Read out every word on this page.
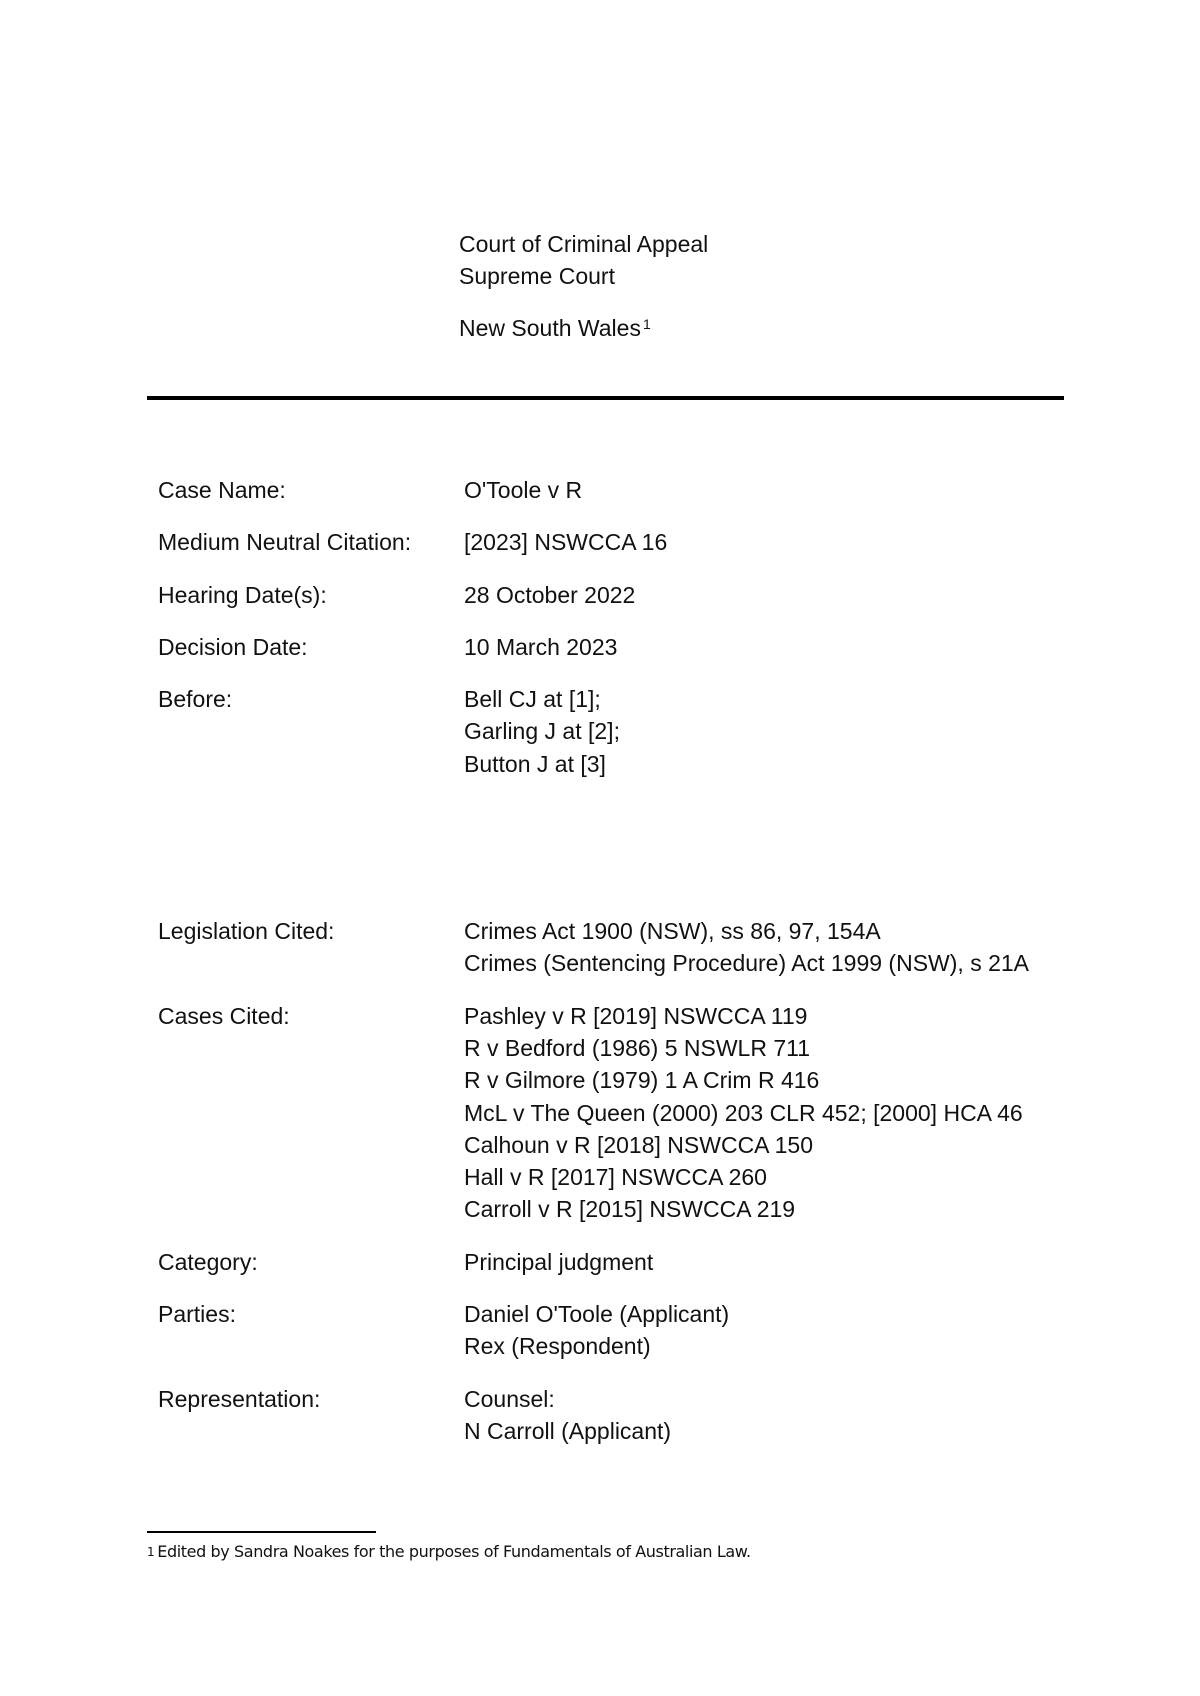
Court of Criminal Appeal
Supreme Court
New South Wales $^1$
Case Name:	O'Toole v R
Medium Neutral Citation:	[2023] NSWCCA 16
Hearing Date(s):	28 October 2022
Decision Date:	10 March 2023
Before:	Bell CJ at [1];
Garling J at [2];
Button J at [3]
Legislation Cited:	Crimes Act 1900 (NSW), ss 86, 97, 154A
Crimes (Sentencing Procedure) Act 1999 (NSW), s 21A
Cases Cited:	Pashley v R [2019] NSWCCA 119
R v Bedford (1986) 5 NSWLR 711
R v Gilmore (1979) 1 A Crim R 416
McL v The Queen (2000) 203 CLR 452; [2000] HCA 46
Calhoun v R [2018] NSWCCA 150
Hall v R [2017] NSWCCA 260
Carroll v R [2015] NSWCCA 219
Category:	Principal judgment
Parties:	Daniel O'Toole (Applicant)
Rex (Respondent)
Representation:	Counsel:
N Carroll (Applicant)
$^1$ Edited by Sandra Noakes for the purposes of Fundamentals of Australian Law.
